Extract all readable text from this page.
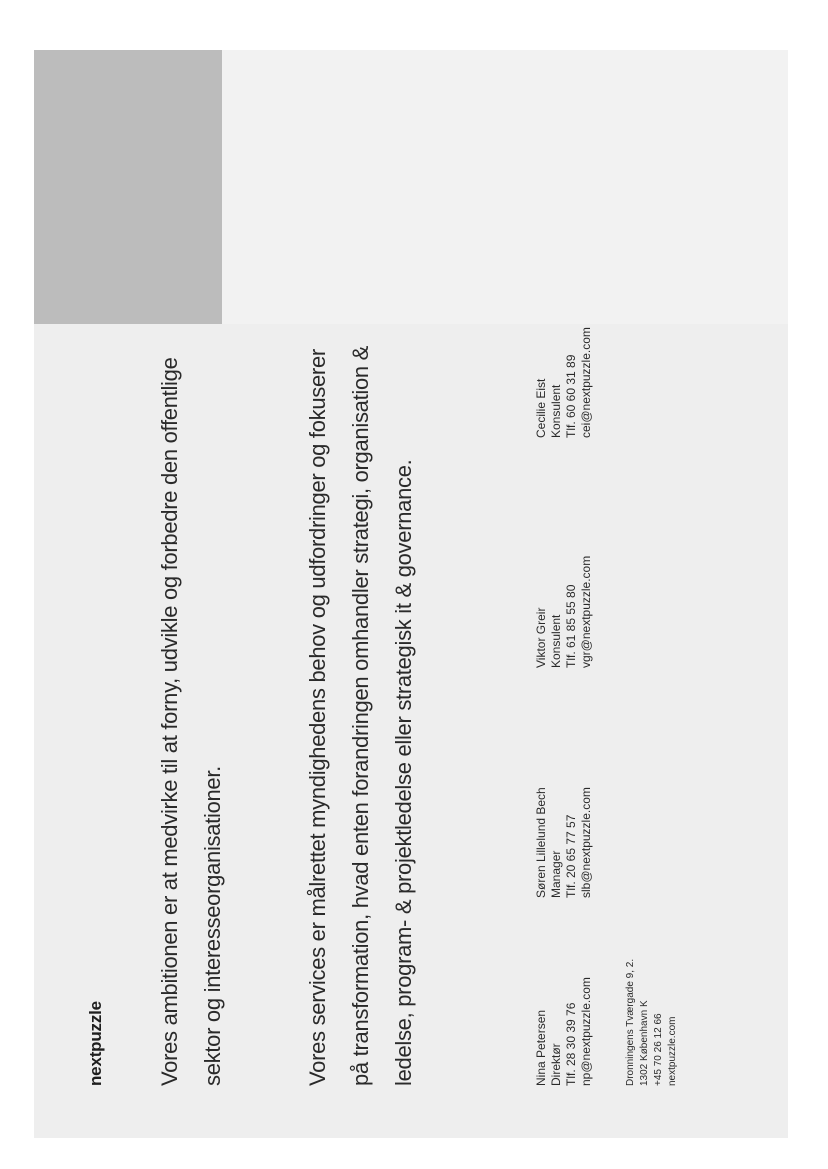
nextpuzzle	Vores ambitionen er at medvirke til at forny, udvikle og forbedre den offentlige sektor og interesseorganisationer.	Vores services er målrettet myndighedens behov og udfordringer og fokuserer på transformation, hvad enten forandringen omhandler strategi, organisation & ledelse, program- & projektledelse eller strategisk it & governance.	Nina Petersen Direktør Tlf. 28 30 39 76 np@nextpuzzle.com
Søren Lillelund Bech Manager Tlf. 20 65 77 57 slb@nextpuzzle.com
Viktor Greir Konsulent Tlf. 61 85 55 80 vgr@nextpuzzle.com
Cecilie Eist Konsulent Tlf. 60 60 31 89 cei@nextpuzzle.com
Dronningens Tværgade 9, 2. 1302 København K +45 70 26 12 66 nextpuzzle.com
